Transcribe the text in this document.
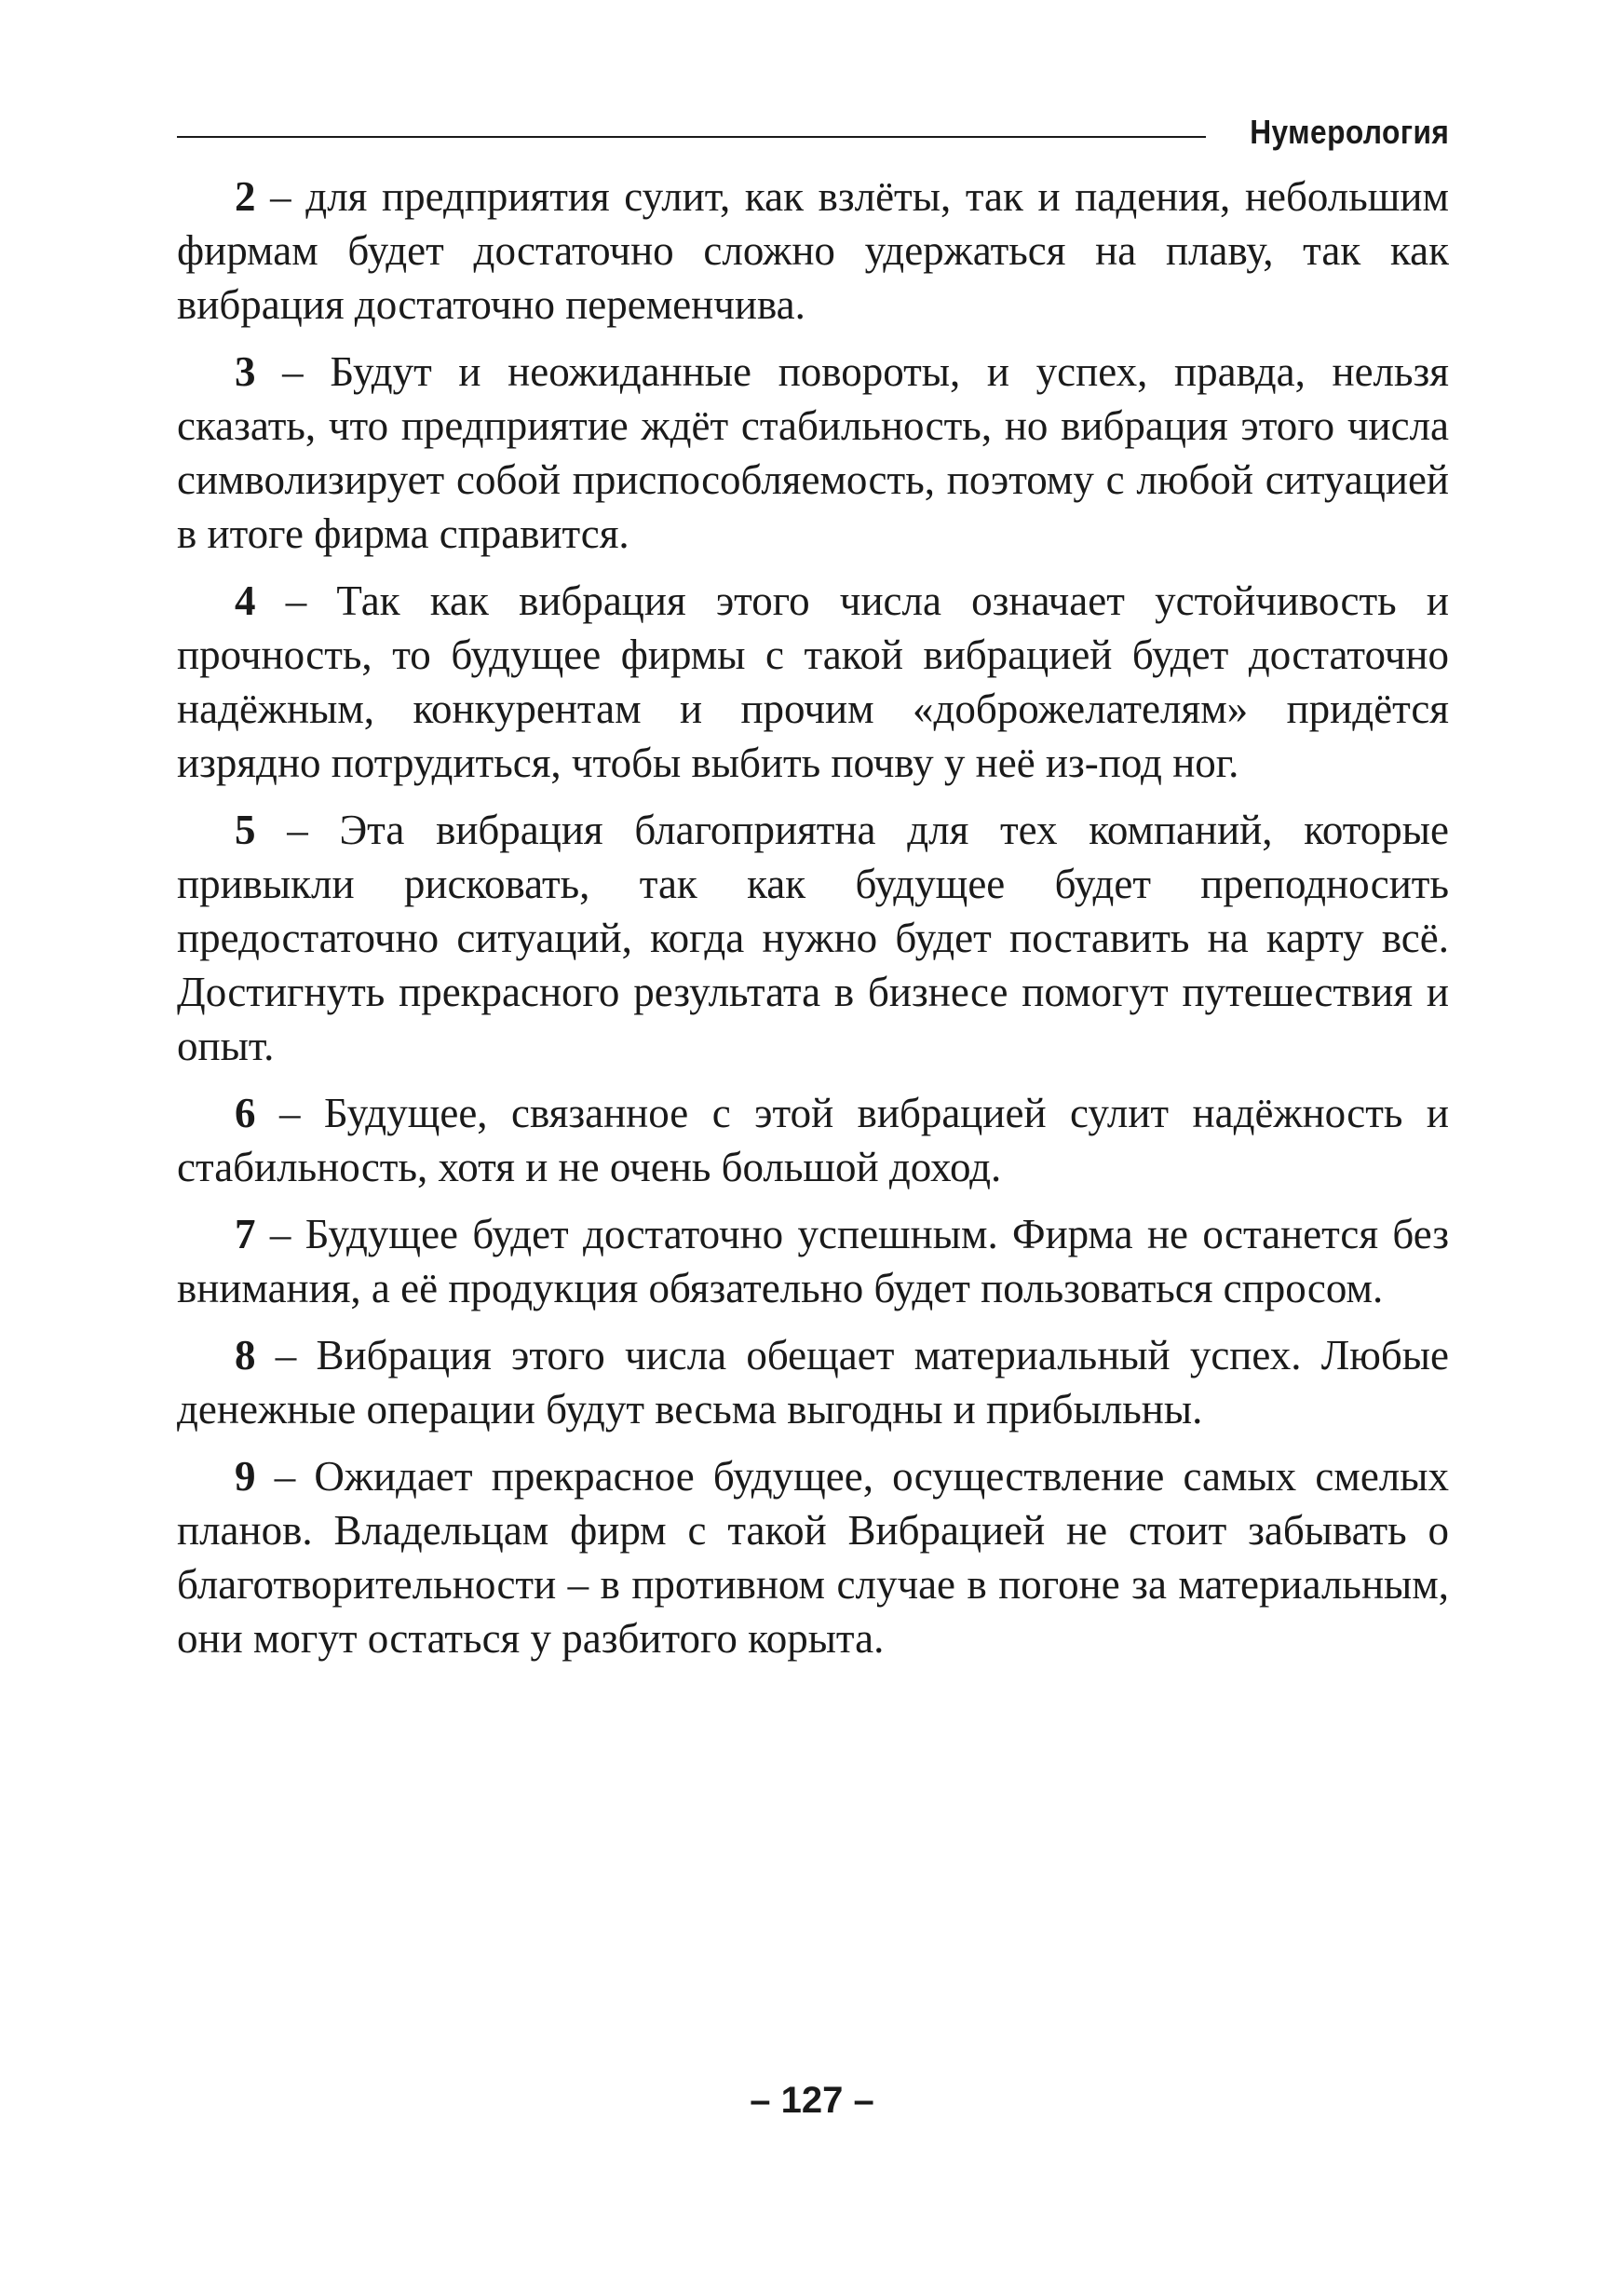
Нумерология

2 – для предприятия сулит, как взлёты, так и падения, небольшим фирмам будет достаточно сложно удержаться на плаву, так как вибрация достаточно переменчива.

3 – Будут и неожиданные повороты, и успех, правда, нельзя сказать, что предприятие ждёт стабильность, но вибрация этого числа символизирует собой приспособляемость, поэтому с любой ситуацией в итоге фирма справится.

4 – Так как вибрация этого числа означает устойчивость и прочность, то будущее фирмы с такой вибрацией будет достаточно надёжным, конкурентам и прочим «доброжелателям» придётся изрядно потрудиться, чтобы выбить почву у неё из-под ног.

5 – Эта вибрация благоприятна для тех компаний, которые привыкли рисковать, так как будущее будет преподносить предостаточно ситуаций, когда нужно будет поставить на карту всё. Достигнуть прекрасного результата в бизнесе помогут путешествия и опыт.

6 – Будущее, связанное с этой вибрацией сулит надёжность и стабильность, хотя и не очень большой доход.

7 – Будущее будет достаточно успешным. Фирма не останется без внимания, а её продукция обязательно будет пользоваться спросом.

8 – Вибрация этого числа обещает материальный успех. Любые денежные операции будут весьма выгодны и прибыльны.

9 – Ожидает прекрасное будущее, осуществление самых смелых планов. Владельцам фирм с такой Вибрацией не стоит забывать о благотворительности – в противном случае в погоне за материальным, они могут остаться у разбитого корыта.

– 127 –
